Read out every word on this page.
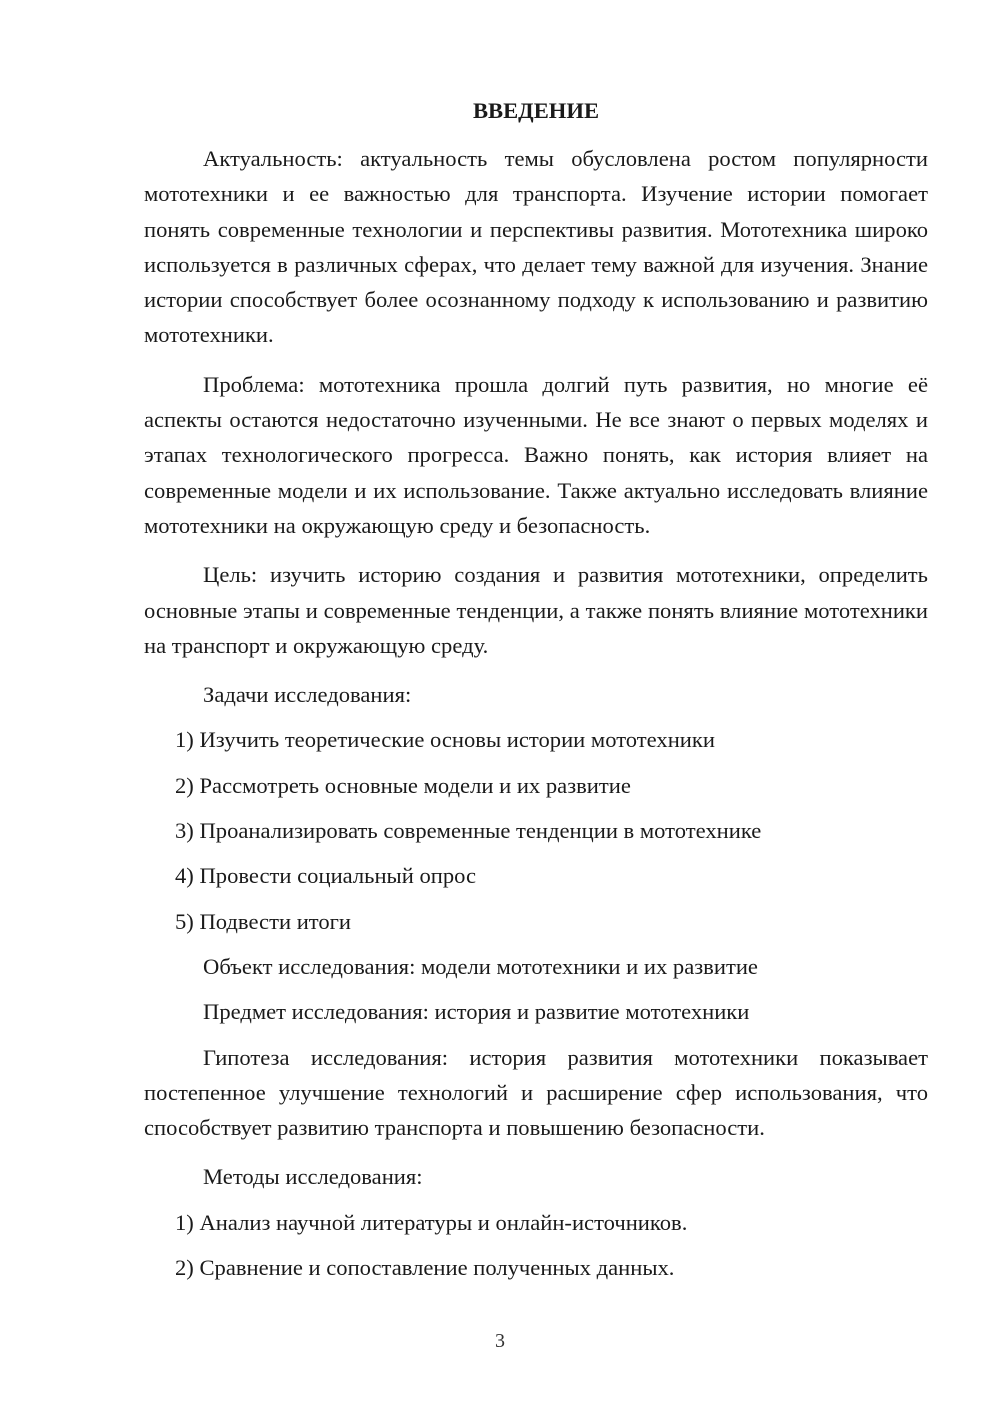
ВВЕДЕНИЕ

Актуальность: актуальность темы обусловлена ростом популярности мототехники и ее важностью для транспорта. Изучение истории помогает понять современные технологии и перспективы развития. Мототехника широко используется в различных сферах, что делает тему важной для изучения. Знание истории способствует более осознанному подходу к использованию и развитию мототехники.

Проблема: мототехника прошла долгий путь развития, но многие её аспекты остаются недостаточно изученными. Не все знают о первых моделях и этапах технологического прогресса. Важно понять, как история влияет на современные модели и их использование. Также актуально исследовать влияние мототехники на окружающую среду и безопасность.

Цель: изучить историю создания и развития мототехники, определить основные этапы и современные тенденции, а также понять влияние мототехники на транспорт и окружающую среду.

Задачи исследования:

1) Изучить теоретические основы истории мототехники

2) Рассмотреть основные модели и их развитие

3) Проанализировать современные тенденции в мототехнике

4) Провести социальный опрос

5) Подвести итоги

Объект исследования: модели мототехники и их развитие

Предмет исследования: история и развитие мототехники

Гипотеза исследования: история развития мототехники показывает постепенное улучшение технологий и расширение сфер использования, что способствует развитию транспорта и повышению безопасности.

Методы исследования:

1) Анализ научной литературы и онлайн-источников.

2) Сравнение и сопоставление полученных данных.

3
